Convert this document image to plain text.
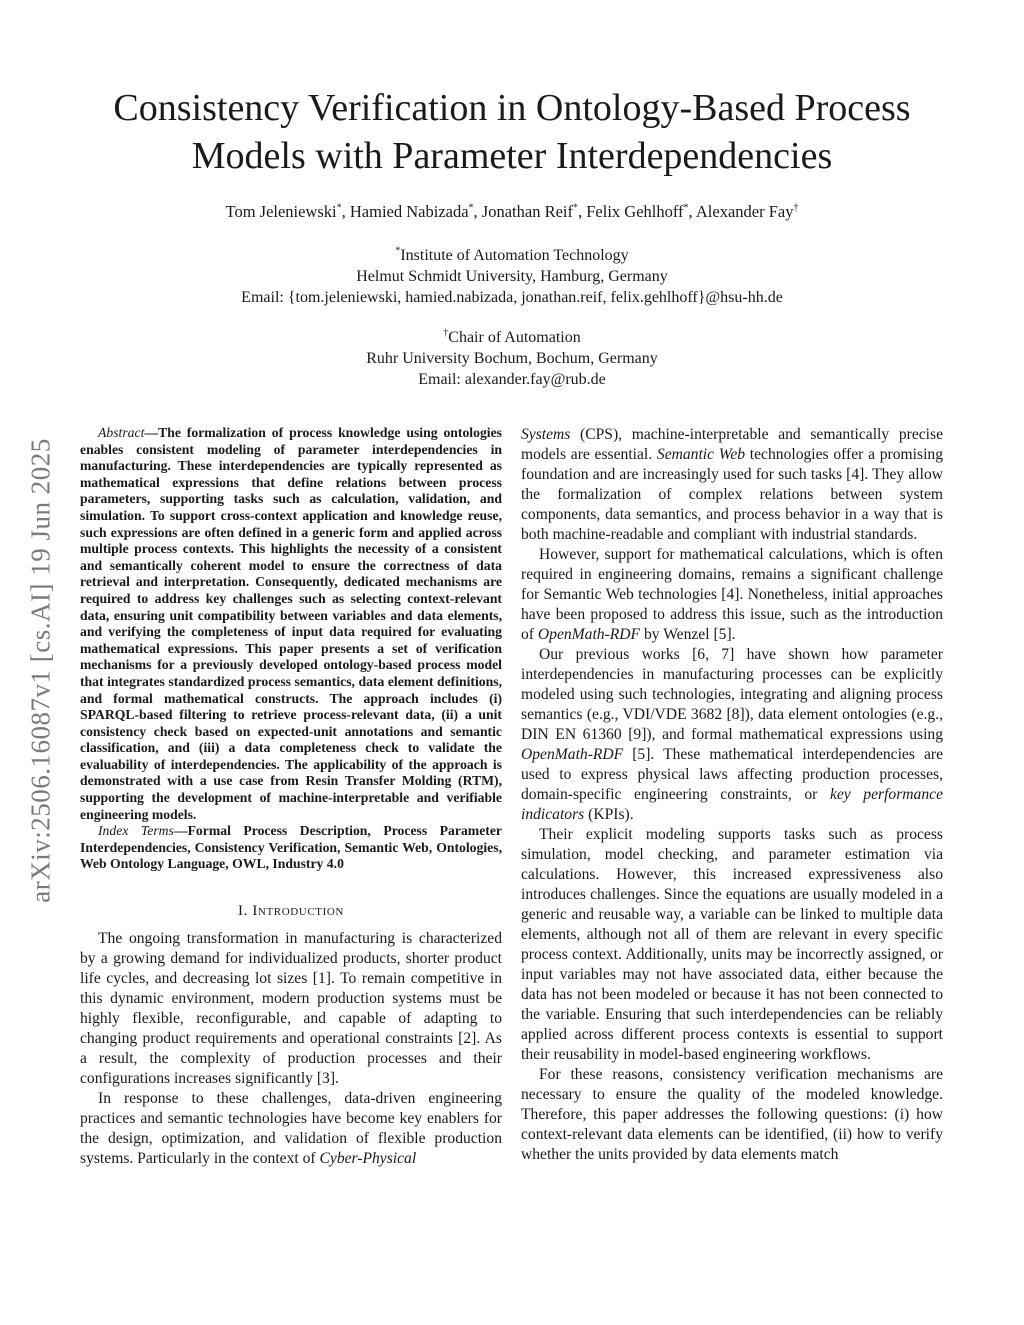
arXiv:2506.16087v1 [cs.AI] 19 Jun 2025
Consistency Verification in Ontology-Based Process
Models with Parameter Interdependencies
Tom Jeleniewski*, Hamied Nabizada*, Jonathan Reif*, Felix Gehlhoff*, Alexander Fay†
*Institute of Automation Technology
Helmut Schmidt University, Hamburg, Germany
Email: {tom.jeleniewski, hamied.nabizada, jonathan.reif, felix.gehlhoff}@hsu-hh.de
†Chair of Automation
Ruhr University Bochum, Bochum, Germany
Email: alexander.fay@rub.de

Abstract—The formalization of process knowledge using ontologies enables consistent modeling of parameter interdependencies in manufacturing. These interdependencies are typically represented as mathematical expressions that define relations between process parameters, supporting tasks such as calculation, validation, and simulation. To support cross-context application and knowledge reuse, such expressions are often defined in a generic form and applied across multiple process contexts. This highlights the necessity of a consistent and semantically coherent model to ensure the correctness of data retrieval and interpretation. Consequently, dedicated mechanisms are required to address key challenges such as selecting context-relevant data, ensuring unit compatibility between variables and data elements, and verifying the completeness of input data required for evaluating mathematical expressions. This paper presents a set of verification mechanisms for a previously developed ontology-based process model that integrates standardized process semantics, data element definitions, and formal mathematical constructs. The approach includes (i) SPARQL-based filtering to retrieve process-relevant data, (ii) a unit consistency check based on expected-unit annotations and semantic classification, and (iii) a data completeness check to validate the evaluability of interdependencies. The applicability of the approach is demonstrated with a use case from Resin Transfer Molding (RTM), supporting the development of machine-interpretable and verifiable engineering models.

Index Terms—Formal Process Description, Process Parameter Interdependencies, Consistency Verification, Semantic Web, Ontologies, Web Ontology Language, OWL, Industry 4.0

I. Introduction

The ongoing transformation in manufacturing is characterized by a growing demand for individualized products, shorter product life cycles, and decreasing lot sizes [1]. To remain competitive in this dynamic environment, modern production systems must be highly flexible, reconfigurable, and capable of adapting to changing product requirements and operational constraints [2]. As a result, the complexity of production processes and their configurations increases significantly [3].

In response to these challenges, data-driven engineering practices and semantic technologies have become key enablers for the design, optimization, and validation of flexible production systems. Particularly in the context of Cyber-Physical

Systems (CPS), machine-interpretable and semantically precise models are essential. Semantic Web technologies offer a promising foundation and are increasingly used for such tasks [4]. They allow the formalization of complex relations between system components, data semantics, and process behavior in a way that is both machine-readable and compliant with industrial standards.

However, support for mathematical calculations, which is often required in engineering domains, remains a significant challenge for Semantic Web technologies [4]. Nonetheless, initial approaches have been proposed to address this issue, such as the introduction of OpenMath-RDF by Wenzel [5].

Our previous works [6, 7] have shown how parameter interdependencies in manufacturing processes can be explicitly modeled using such technologies, integrating and aligning process semantics (e.g., VDI/VDE 3682 [8]), data element ontologies (e.g., DIN EN 61360 [9]), and formal mathematical expressions using OpenMath-RDF [5]. These mathematical interdependencies are used to express physical laws affecting production processes, domain-specific engineering constraints, or key performance indicators (KPIs).

Their explicit modeling supports tasks such as process simulation, model checking, and parameter estimation via calculations. However, this increased expressiveness also introduces challenges. Since the equations are usually modeled in a generic and reusable way, a variable can be linked to multiple data elements, although not all of them are relevant in every specific process context. Additionally, units may be incorrectly assigned, or input variables may not have associated data, either because the data has not been modeled or because it has not been connected to the variable. Ensuring that such interdependencies can be reliably applied across different process contexts is essential to support their reusability in model-based engineering workflows.

For these reasons, consistency verification mechanisms are necessary to ensure the quality of the modeled knowledge. Therefore, this paper addresses the following questions: (i) how context-relevant data elements can be identified, (ii) how to verify whether the units provided by data elements match
